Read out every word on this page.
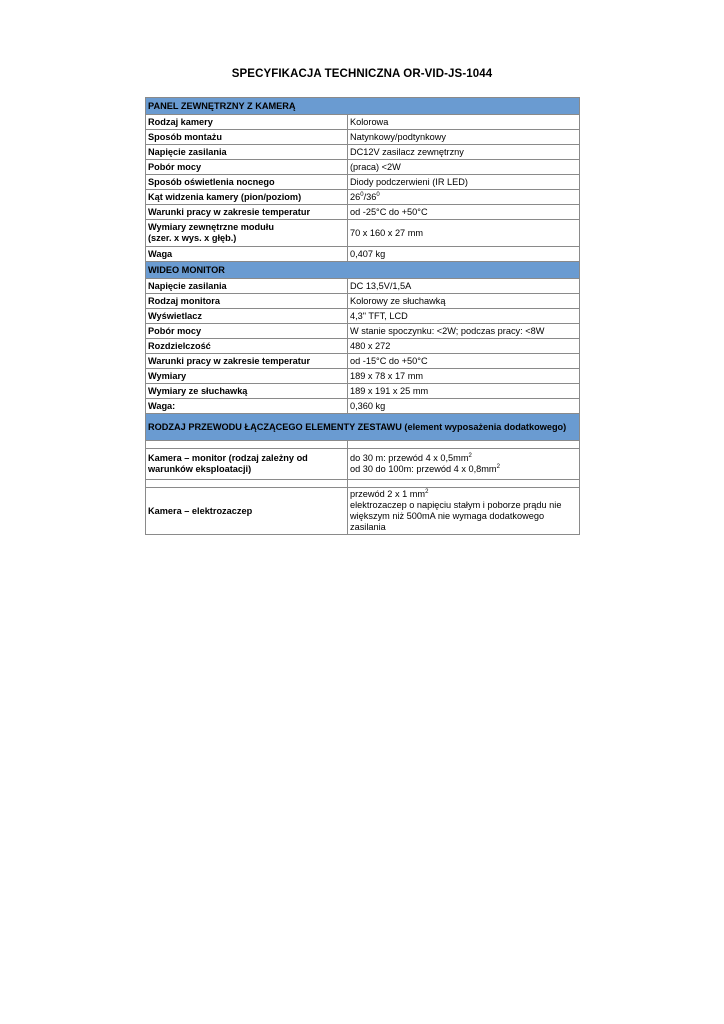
SPECYFIKACJA TECHNICZNA OR-VID-JS-1044
PANEL ZEWNĘTRZNY Z KAMERĄ	
Rodzaj kamery	Kolorowa
Sposób montażu	Natynkowy/podtynkowy
Napięcie zasilania	DC12V zasilacz zewnętrzny
Pobór mocy	(praca) <2W
Sposób oświetlenia nocnego	Diody podczerwieni (IR LED)
Kąt widzenia kamery (pion/poziom)	$26^0/36^0$
Warunki pracy w zakresie temperatur	od -25°C do +50°C
Wymiary zewnętrzne modułu
(szer. x wys. x głęb.)	70 x 160 x 27 mm
Waga	0,407 kg
WIDEO MONITOR	
Napięcie zasilania	DC 13,5V/1,5A
Rodzaj monitora	Kolorowy ze słuchawką
Wyświetlacz	4,3" TFT, LCD
Pobór mocy	W stanie spoczynku: <2W; podczas pracy: <8W
Rozdzielczość	480 x 272
Warunki pracy w zakresie temperatur	od -15°C do +50°C
Wymiary	189 x 78 x 17 mm
Wymiary ze słuchawką	189 x 191 x 25 mm
Waga:	0,360 kg
RODZAJ PRZEWODU ŁĄCZĄCEGO ELEMENTY ZESTAWU (element wyposażenia dodatkowego)	

Kamera – monitor (rodzaj zależny od warunków eksploatacji)	do 30 m: przewód 4 x $0,5mm^2$
od 30 do 100m: przewód 4 x $0,8mm^2$

Kamera – elektrozaczep	przewód 2 x 1 $mm^2$
elektrozaczep o napięciu stałym i poborze prądu nie większym niż 500mA nie wymaga dodatkowego zasilania
